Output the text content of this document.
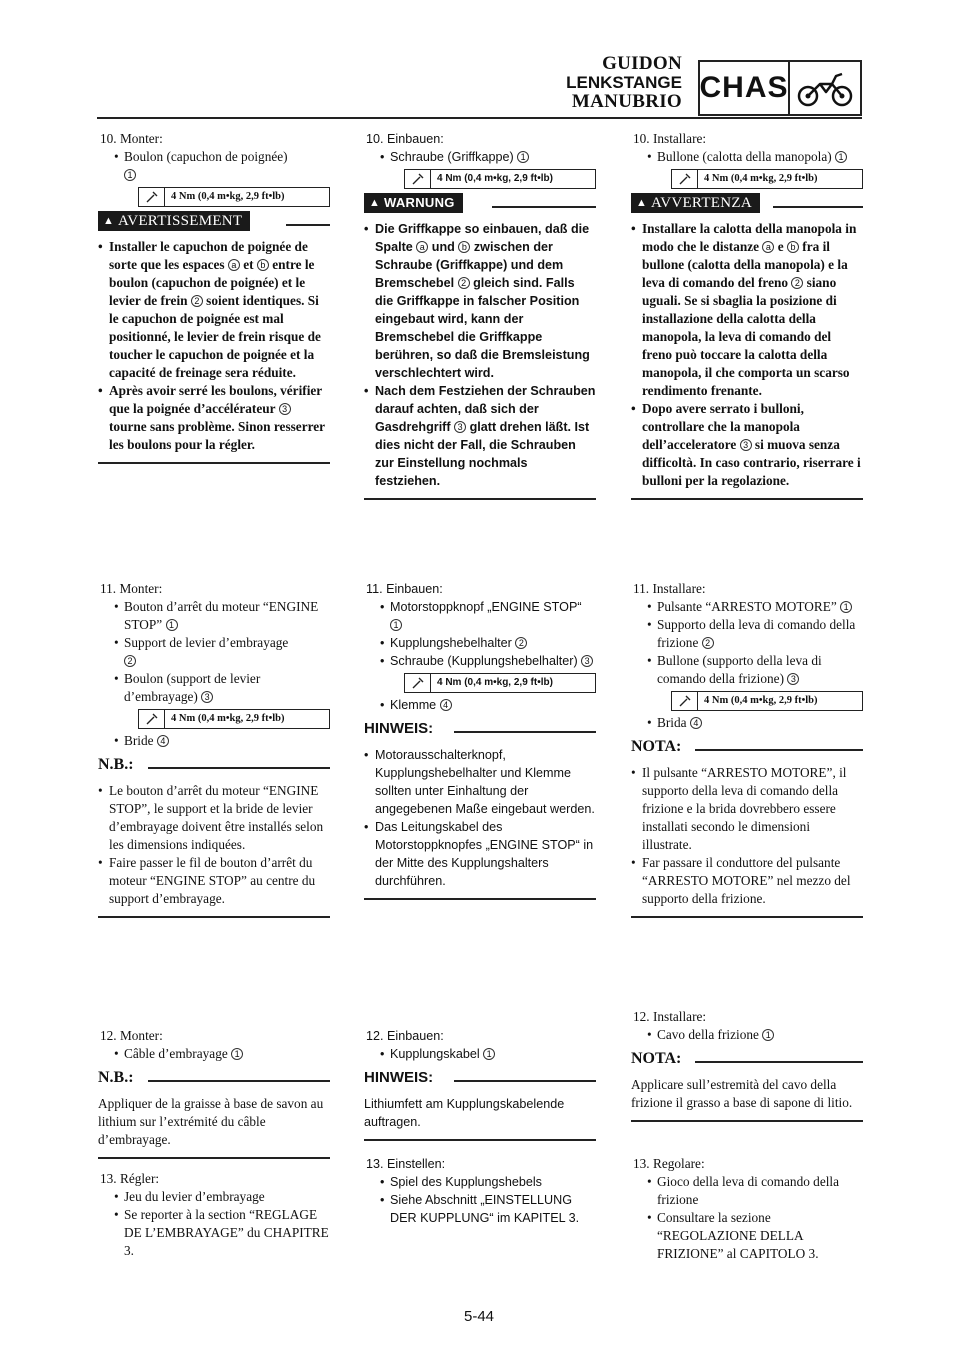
GUIDON
LENKSTANGE
MANUBRIO CHAS
10. Monter:
• Boulon (capuchon de poignée)
1
4 Nm (0,4 m•kg, 2,9 ft•lb)
▲ AVERTISSEMENT
• Installer le capuchon de poignée de sorte que les espaces a et b entre le boulon (capuchon de poignée) et le levier de frein 2 soient identiques. Si le capuchon de poignée est mal positionné, le levier de frein risque de toucher le capuchon de poignée et la capacité de freinage sera réduite.
• Après avoir serré les boulons, vérifier que la poignée d’accélérateur 3 tourne sans problème. Sinon resserrer les boulons pour la régler.
11. Monter:
• Bouton d’arrêt du moteur “ENGINE STOP” 1
• Support de levier d’embrayage
2
• Boulon (support de levier d’embrayage) 3
4 Nm (0,4 m•kg, 2,9 ft•lb)
• Bride 4
N.B.:
• Le bouton d’arrêt du moteur “ENGINE STOP”, le support et la bride de levier d’embrayage doivent être installés selon les dimensions indiquées.
• Faire passer le fil de bouton d’arrêt du moteur “ENGINE STOP” au centre du support d’embrayage.
12. Monter:
• Câble d’embrayage 1
N.B.:
Appliquer de la graisse à base de savon au lithium sur l’extrémité du câble d’embrayage.
13. Régler:
• Jeu du levier d’embrayage
• Se reporter à la section “REGLAGE DE L’EMBRAYAGE” du CHAPITRE 3.
10. Einbauen:
• Schraube (Griffkappe) 1
4 Nm (0,4 m•kg, 2,9 ft•lb)
▲ WARNUNG
• Die Griffkappe so einbauen, daß die Spalte a und b zwischen der Schraube (Griffkappe) und dem Bremschebel 2 gleich sind. Falls die Griffkappe in falscher Position eingebaut wird, kann der Bremschebel die Griffkappe berühren, so daß die Bremsleistung verschlechtert wird.
• Nach dem Festziehen der Schrauben darauf achten, daß sich der Gasdrehgriff 3 glatt drehen läßt. Ist dies nicht der Fall, die Schrauben zur Einstellung nochmals festziehen.
11. Einbauen:
• Motorstoppknopf „ENGINE STOP“ 1
• Kupplungshebelhalter 2
• Schraube (Kupplungshebelhalter) 3
4 Nm (0,4 m•kg, 2,9 ft•lb)
• Klemme 4
HINWEIS:
• Motorausschalterknopf, Kupplungshebelhalter und Klemme sollten unter Einhaltung der angegebenen Maße eingebaut werden.
• Das Leitungskabel des Motorstoppknopfes „ENGINE STOP“ in der Mitte des Kupplungshalters durchführen.
12. Einbauen:
• Kupplungskabel 1
HINWEIS:
Lithiumfett am Kupplungskabelende auftragen.
13. Einstellen:
• Spiel des Kupplungshebels
• Siehe Abschnitt „EINSTELLUNG DER KUPPLUNG“ im KAPITEL 3.
10. Installare:
• Bullone (calotta della manopola) 1
4 Nm (0,4 m•kg, 2,9 ft•lb)
▲ AVVERTENZA
• Installare la calotta della manopola in modo che le distanze a e b fra il bullone (calotta della manopola) e la leva di comando del freno 2 siano uguali. Se si sbaglia la posizione di installazione della calotta della manopola, la leva di comando del freno può toccare la calotta della manopola, il che comporta un scarso rendimento frenante.
• Dopo avere serrato i bulloni, controllare che la manopola dell’acceleratore 3 si muova senza difficoltà. In caso contrario, riserrare i bulloni per la regolazione.
11. Installare:
• Pulsante “ARRESTO MOTORE” 1
• Supporto della leva di comando della frizione 2
• Bullone (supporto della leva di comando della frizione) 3
4 Nm (0,4 m•kg, 2,9 ft•lb)
• Brida 4
NOTA:
• Il pulsante “ARRESTO MOTORE”, il supporto della leva di comando della frizione e la brida dovrebbero essere installati secondo le dimensioni illustrate.
• Far passare il conduttore del pulsante “ARRESTO MOTORE” nel mezzo del supporto della frizione.
12. Installare:
• Cavo della frizione 1
NOTA:
Applicare sull’estremità del cavo della frizione il grasso a base di sapone di litio.
13. Regolare:
• Gioco della leva di comando della frizione
• Consultare la sezione “REGOLAZIONE DELLA FRIZIONE” al CAPITOLO 3.
5-44
